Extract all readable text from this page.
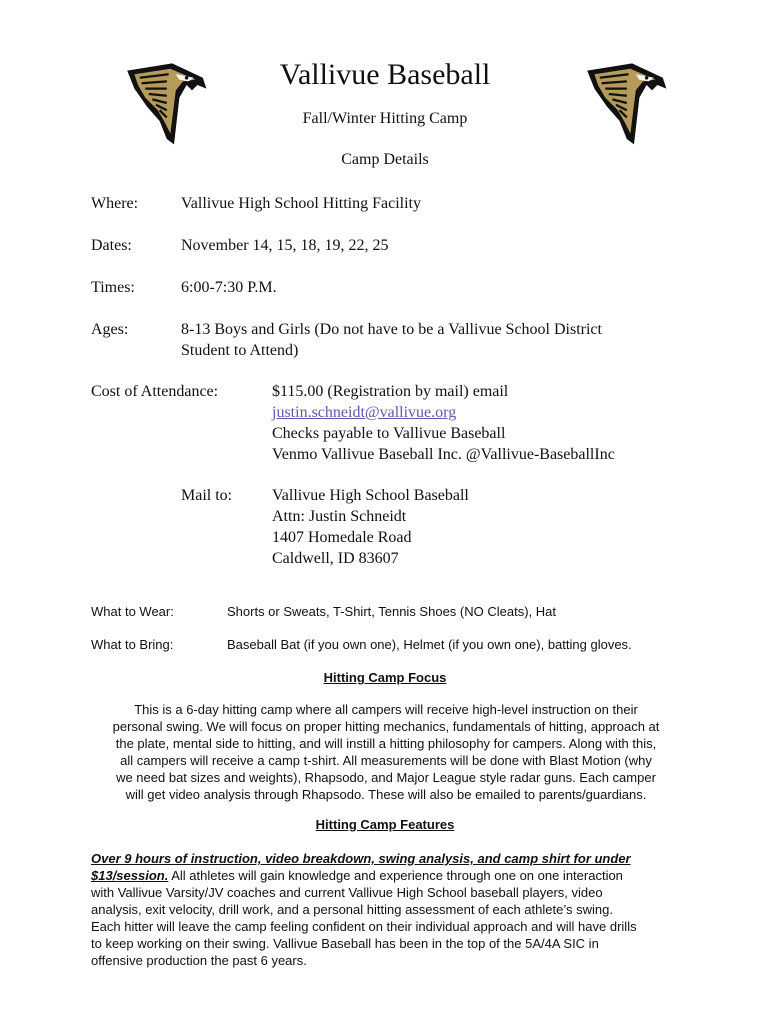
Vallivue Baseball
Fall/Winter Hitting Camp
Camp Details
Where:	Vallivue High School Hitting Facility
Dates:	November 14, 15, 18, 19, 22, 25
Times:	6:00-7:30 P.M.
Ages:	8-13 Boys and Girls (Do not have to be a Vallivue School District
Student to Attend)
Cost of Attendance:	$115.00 (Registration by mail) email
justin.schneidt@vallivue.org
Checks payable to Vallivue Baseball
Venmo Vallivue Baseball Inc. @Vallivue-BaseballInc
Mail to: Vallivue High School Baseball
Attn: Justin Schneidt
1407 Homedale Road
Caldwell, ID 83607
What to Wear:	Shorts or Sweats, T-Shirt, Tennis Shoes (NO Cleats), Hat
What to Bring:	Baseball Bat (if you own one), Helmet (if you own one), batting gloves.
Hitting Camp Focus
This is a 6-day hitting camp where all campers will receive high-level instruction on their
personal swing. We will focus on proper hitting mechanics, fundamentals of hitting, approach at
the plate, mental side to hitting, and will instill a hitting philosophy for campers. Along with this,
all campers will receive a camp t-shirt. All measurements will be done with Blast Motion (why
we need bat sizes and weights), Rhapsodo, and Major League style radar guns. Each camper
will get video analysis through Rhapsodo. These will also be emailed to parents/guardians.
Hitting Camp Features
Over 9 hours of instruction, video breakdown, swing analysis, and camp shirt for under
$13/session. All athletes will gain knowledge and experience through one on one interaction
with Vallivue Varsity/JV coaches and current Vallivue High School baseball players, video
analysis, exit velocity, drill work, and a personal hitting assessment of each athlete’s swing.
Each hitter will leave the camp feeling confident on their individual approach and will have drills
to keep working on their swing. Vallivue Baseball has been in the top of the 5A/4A SIC in
offensive production the past 6 years.
